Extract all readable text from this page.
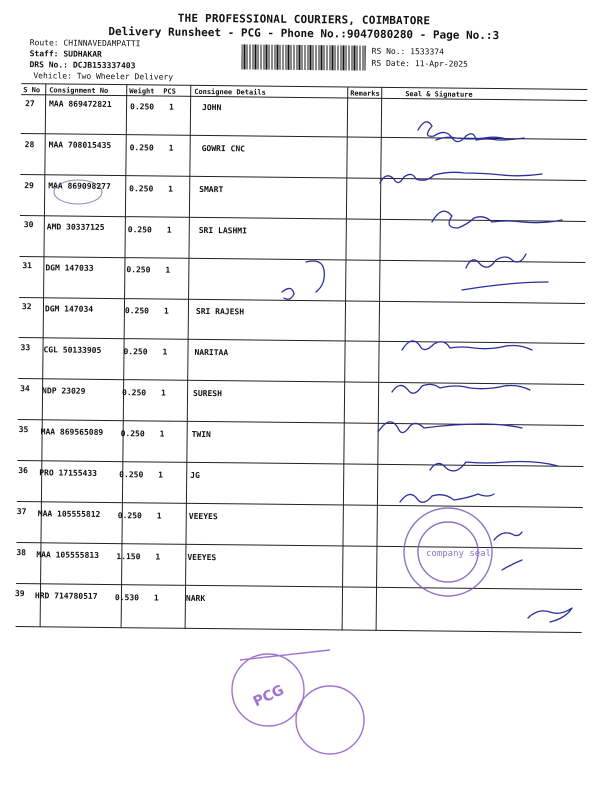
THE PROFESSIONAL COURIERS, COIMBATORE
Delivery Runsheet - PCG - Phone No.:9047080280 - Page No.:3
Route: CHINNAVEDAMPATTI
Staff: SUDHAKAR
DRS No.: DCJB153337403
Vehicle: Two Wheeler Delivery
RS No.: 1533374
RS Date: 11-Apr-2025
S No Consignment No	Weight PCS	Consignee Details	Remarks	Seal & Signature
27 MAA 869472821 0.250 1	JOHN
28 MAA 708015435 0.250 1	GOWRI CNC
29 MAA 869098277 0.250 1	SMART
30 AMD 30337125	0.250 1	SRI LASHMI
31 DGM 147033	0.250 1
32 DGM 147034	0.250 1	SRI RAJESH
33 CGL 50133905	0.250 1	NARITAA
34 NDP 23029	0.250 1	SURESH
35 MAA 869565089 0.250 1	TWIN
36 PRO 17155433	0.250 1	JG
37 MAA 105555812 0.250 1	VEEYES
38 MAA 105555813 1.150 1	VEEYES
39 HRD 714780517 0.530 1	NARK
company seal
PCG
